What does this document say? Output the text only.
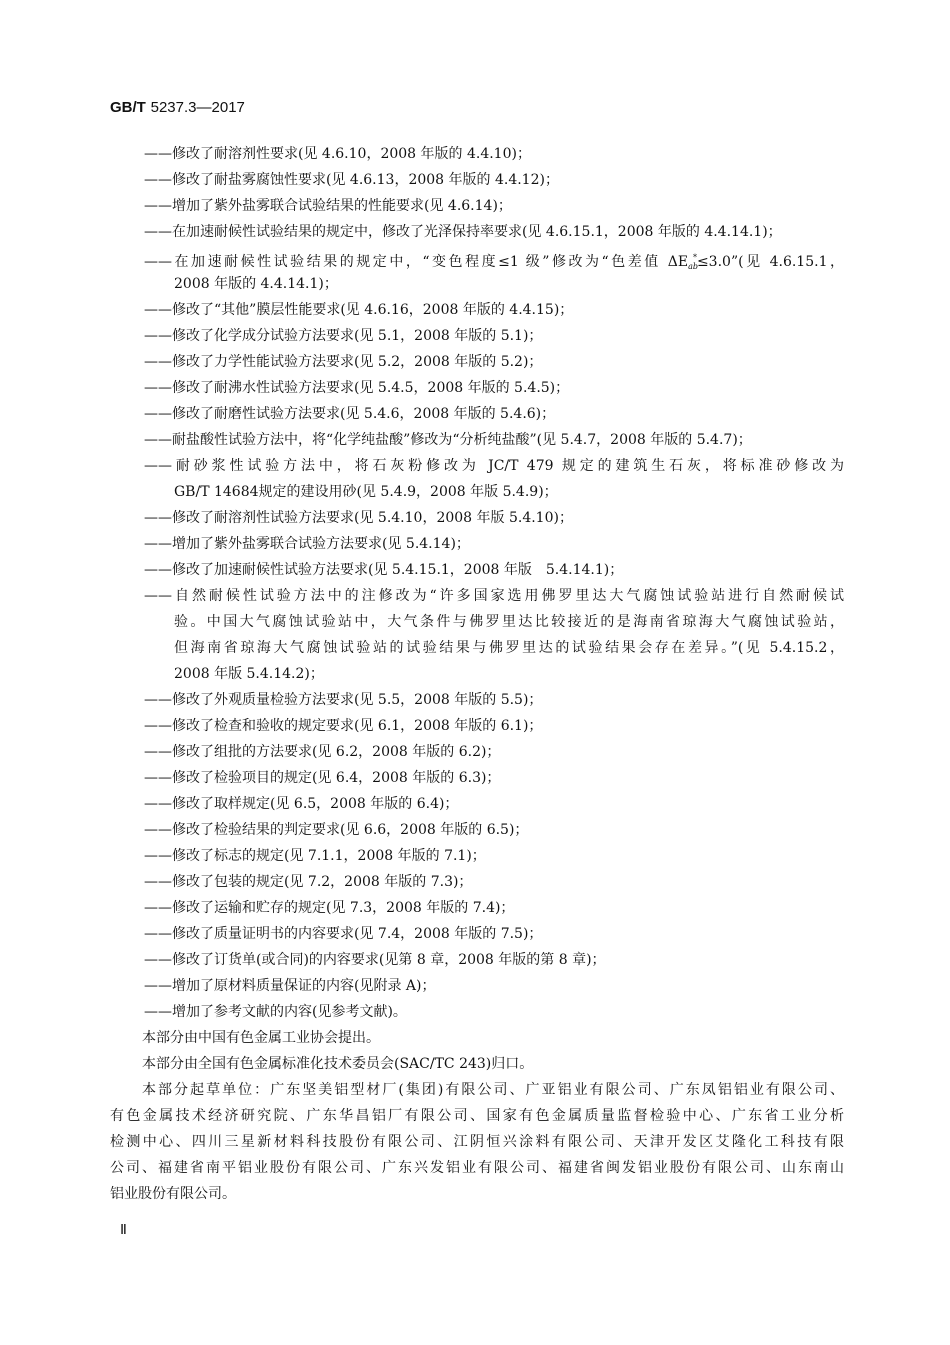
GB/T 5237.3—2017
——修改了耐溶剂性要求(见 4.6.10，2008 年版的 4.4.10)；
——修改了耐盐雾腐蚀性要求(见 4.6.13，2008 年版的 4.4.12)；
——增加了紫外盐雾联合试验结果的性能要求(见 4.6.14)；
——在加速耐候性试验结果的规定中，修改了光泽保持率要求(见 4.6.15.1，2008 年版的 4.4.14.1)；
——在加速耐候性试验结果的规定中，“变色程度≤1 级”修改为“色差值 $\Delta E_{ab}^*\le 3.0$”(见 4.6.15.1，
2008 年版的 4.4.14.1)；
——修改了“其他”膜层性能要求(见 4.6.16，2008 年版的 4.4.15)；
——修改了化学成分试验方法要求(见 5.1，2008 年版的 5.1)；
——修改了力学性能试验方法要求(见 5.2，2008 年版的 5.2)；
——修改了耐沸水性试验方法要求(见 5.4.5，2008 年版的 5.4.5)；
——修改了耐磨性试验方法要求(见 5.4.6，2008 年版的 5.4.6)；
——耐盐酸性试验方法中，将“化学纯盐酸”修改为“分析纯盐酸”(见 5.4.7，2008 年版的 5.4.7)；
——耐砂浆性试验方法中，将石灰粉修改为 JC/T 479 规定的建筑生石灰，将标准砂修改为
GB/T 14684规定的建设用砂(见 5.4.9，2008 年版 5.4.9)；
——修改了耐溶剂性试验方法要求(见 5.4.10，2008 年版 5.4.10)；
——增加了紫外盐雾联合试验方法要求(见 5.4.14)；
——修改了加速耐候性试验方法要求(见 5.4.15.1，2008 年版　5.4.14.1)；
——自然耐候性试验方法中的注修改为“许多国家选用佛罗里达大气腐蚀试验站进行自然耐候试
验。中国大气腐蚀试验站中，大气条件与佛罗里达比较接近的是海南省琼海大气腐蚀试验站，
但海南省琼海大气腐蚀试验站的试验结果与佛罗里达的试验结果会存在差异。”(见 5.4.15.2，
2008 年版 5.4.14.2)；
——修改了外观质量检验方法要求(见 5.5，2008 年版的 5.5)；
——修改了检查和验收的规定要求(见 6.1，2008 年版的 6.1)；
——修改了组批的方法要求(见 6.2，2008 年版的 6.2)；
——修改了检验项目的规定(见 6.4，2008 年版的 6.3)；
——修改了取样规定(见 6.5，2008 年版的 6.4)；
——修改了检验结果的判定要求(见 6.6，2008 年版的 6.5)；
——修改了标志的规定(见 7.1.1，2008 年版的 7.1)；
——修改了包装的规定(见 7.2，2008 年版的 7.3)；
——修改了运输和贮存的规定(见 7.3，2008 年版的 7.4)；
——修改了质量证明书的内容要求(见 7.4，2008 年版的 7.5)；
——修改了订货单(或合同)的内容要求(见第 8 章，2008 年版的第 8 章)；
——增加了原材料质量保证的内容(见附录 A)；
——增加了参考文献的内容(见参考文献)。
本部分由中国有色金属工业协会提出。
本部分由全国有色金属标准化技术委员会(SAC/TC 243)归口。
本部分起草单位：广东坚美铝型材厂(集团)有限公司、广亚铝业有限公司、广东凤铝铝业有限公司、
有色金属技术经济研究院、广东华昌铝厂有限公司、国家有色金属质量监督检验中心、广东省工业分析
检测中心、四川三星新材料科技股份有限公司、江阴恒兴涂料有限公司、天津开发区艾隆化工科技有限
公司、福建省南平铝业股份有限公司、广东兴发铝业有限公司、福建省闽发铝业股份有限公司、山东南山
铝业股份有限公司。
Ⅱ
